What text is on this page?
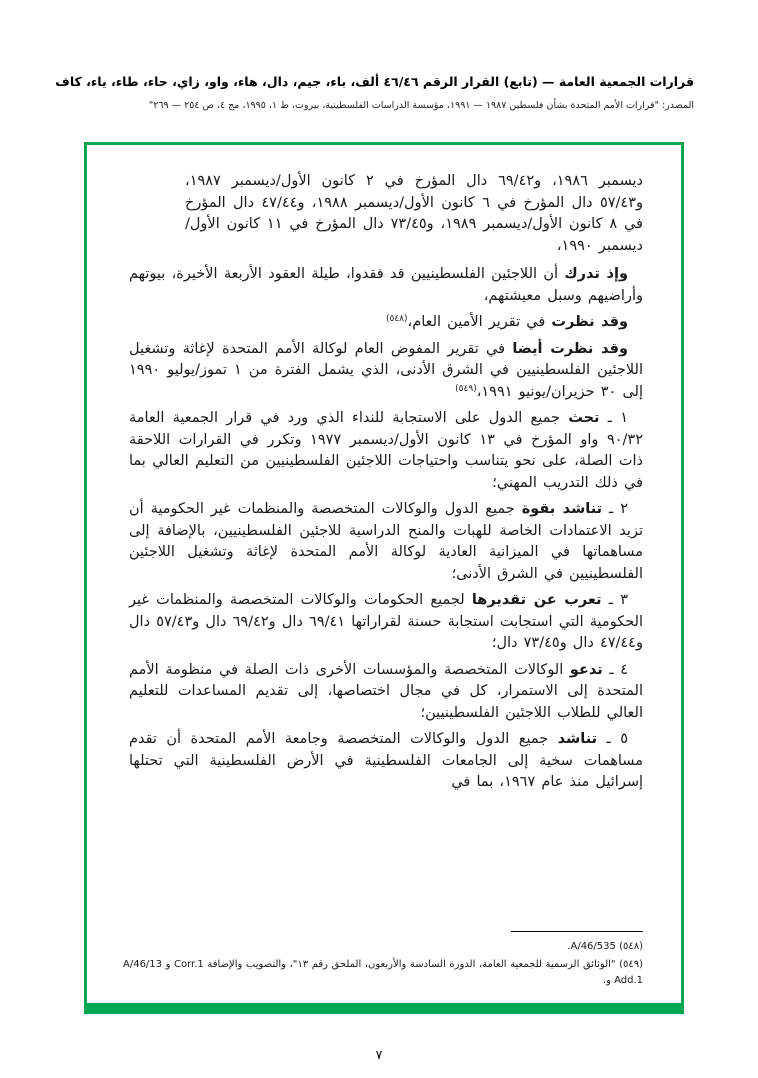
قرارات الجمعية العامة — (تابع) القرار الرقم ٤٦/٤٦ ألف، باء، جيم، دال، هاء، واو، زاي، حاء، طاء، ياء، كاف
المصدر: "قرارات الأمم المتحدة بشأن فلسطين ١٩٨٧ — ١٩٩١، مؤسسة الدراسات الفلسطينية، بيروت، ط ١، ١٩٩٥، مج ٤، ص ٢٥٤ — ٢٦٩"

ديسمبر ١٩٨٦، و٦٩/٤٢ دال المؤرخ في ٢ كانون الأول/ديسمبر ١٩٨٧، و٥٧/٤٣ دال المؤرخ في ٦ كانون الأول/ديسمبر ١٩٨٨، و٤٧/٤٤ دال المؤرخ في ٨ كانون الأول/ديسمبر ١٩٨٩، و٧٣/٤٥ دال المؤرخ في ١١ كانون الأول/ديسمبر ١٩٩٠،

وإذ تدرك أن اللاجئين الفلسطينيين قد فقدوا، طيلة العقود الأربعة الأخيرة، بيوتهم وأراضيهم وسبل معيشتهم،

وقد نظرت في تقرير الأمين العام،$^{(٥٤٨)}$

وقد نظرت أيضا في تقرير المفوض العام لوكالة الأمم المتحدة لإغاثة وتشغيل اللاجئين الفلسطينيين في الشرق الأدنى، الذي يشمل الفترة من ١ تموز/يوليو ١٩٩٠ إلى ٣٠ حزيران/يونيو ١٩٩١،$^{(٥٤٩)}$

١ ـ تحث جميع الدول على الاستجابة للنداء الذي ورد في قرار الجمعية العامة ٩٠/٣٢ واو المؤرخ في ١٣ كانون الأول/ديسمبر ١٩٧٧ وتكرر في القرارات اللاحقة ذات الصلة، على نحو يتناسب واحتياجات اللاجئين الفلسطينيين من التعليم العالي بما في ذلك التدريب المهني؛

٢ ـ تناشد بقوة جميع الدول والوكالات المتخصصة والمنظمات غير الحكومية أن تزيد الاعتمادات الخاصة للهبات والمنح الدراسية للاجئين الفلسطينيين، بالإضافة إلى مساهماتها في الميزانية العادية لوكالة الأمم المتحدة لإغاثة وتشغيل اللاجئين الفلسطينيين في الشرق الأدنى؛

٣ ـ تعرب عن تقديرها لجميع الحكومات والوكالات المتخصصة والمنظمات غير الحكومية التي استجابت استجابة حسنة لقراراتها ٦٩/٤١ دال و٦٩/٤٢ دال و٥٧/٤٣ دال و٤٧/٤٤ دال و٧٣/٤٥ دال؛

٤ ـ تدعو الوكالات المتخصصة والمؤسسات الأخرى ذات الصلة في منظومة الأمم المتحدة إلى الاستمرار، كل في مجال اختصاصها، إلى تقديم المساعدات للتعليم العالي للطلاب اللاجئين الفلسطينيين؛

٥ ـ تناشد جميع الدول والوكالات المتخصصة وجامعة الأمم المتحدة أن تقدم مساهمات سخية إلى الجامعات الفلسطينية في الأرض الفلسطينية التي تحتلها إسرائيل منذ عام ١٩٦٧، بما في

(٥٤٨) A/46/535.

(٥٤٩) "الوثائق الرسمية للجمعية العامة، الدورة السادسة والأربعون، الملحق رقم ١٣"، والتصويب والإضافة ‪A/46/13 و Corr.1 و Add.1‬.

٧
